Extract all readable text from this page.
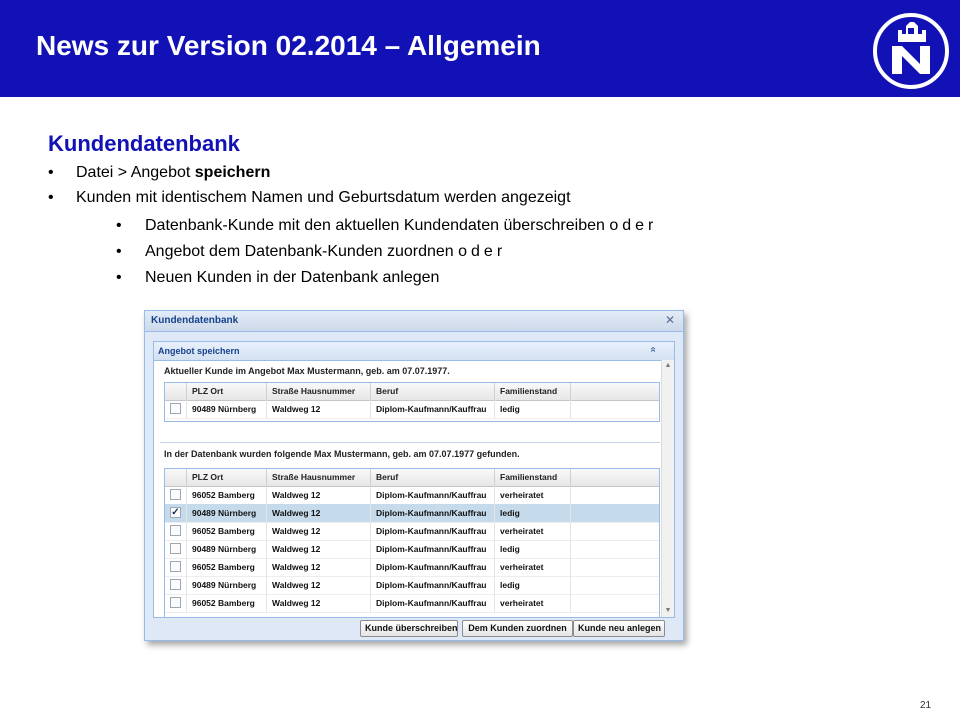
News zur Version 02.2014 – Allgemein
Kundendatenbank
• Datei > Angebot speichern
• Kunden mit identischem Namen und Geburtsdatum werden angezeigt
• Datenbank-Kunde mit den aktuellen Kundendaten überschreiben oder
• Angebot dem Datenbank-Kunden zuordnen oder
• Neuen Kunden in der Datenbank anlegen
Kundendatenbank	✕
Angebot speichern	»
▲
▼
Aktueller Kunde im Angebot Max Mustermann, geb. am 07.07.1977.
PLZ Ort	Straße Hausnummer	Beruf	Familienstand
90489 Nürnberg	Waldweg 12	Diplom-Kaufmann/Kauffrau	ledig
In der Datenbank wurden folgende Max Mustermann, geb. am 07.07.1977 gefunden.
PLZ Ort	Straße Hausnummer	Beruf	Familienstand
96052 Bamberg	Waldweg 12	Diplom-Kaufmann/Kauffrau	verheiratet
✓	90489 Nürnberg	Waldweg 12	Diplom-Kaufmann/Kauffrau	ledig
96052 Bamberg	Waldweg 12	Diplom-Kaufmann/Kauffrau	verheiratet
90489 Nürnberg	Waldweg 12	Diplom-Kaufmann/Kauffrau	ledig
96052 Bamberg	Waldweg 12	Diplom-Kaufmann/Kauffrau	verheiratet
90489 Nürnberg	Waldweg 12	Diplom-Kaufmann/Kauffrau	ledig
96052 Bamberg	Waldweg 12	Diplom-Kaufmann/Kauffrau	verheiratet
Kunde überschreiben	Dem Kunden zuordnen	Kunde neu anlegen
21
